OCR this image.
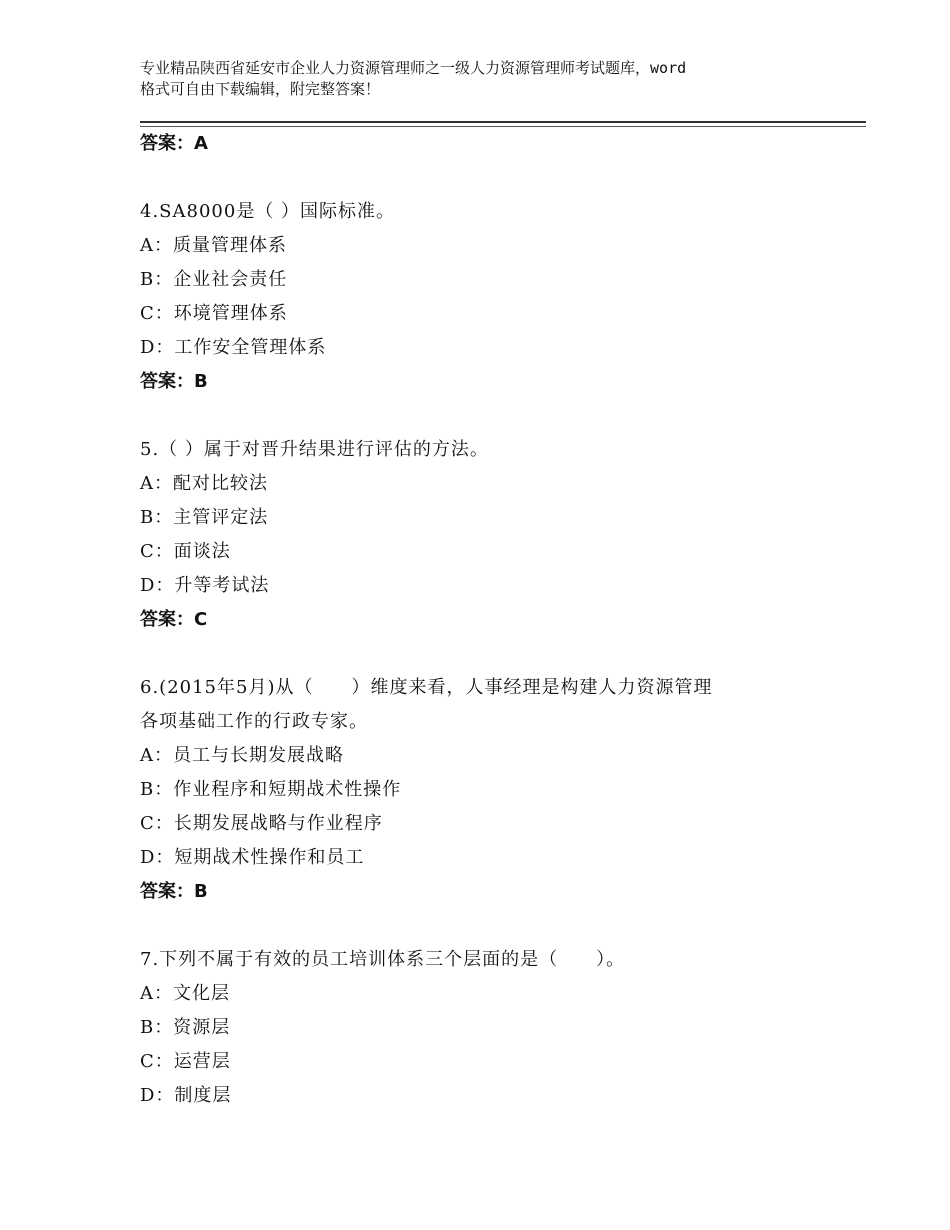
专业精品陕西省延安市企业人力资源管理师之一级人力资源管理师考试题库，word
格式可自由下载编辑，附完整答案！
答案：A
4.SA8000是（ ）国际标准。
A：质量管理体系
B：企业社会责任
C：环境管理体系
D：工作安全管理体系
答案：B
5.（ ）属于对晋升结果进行评估的方法。
A：配对比较法
B：主管评定法
C：面谈法
D：升等考试法
答案：C
6.(2015年5月)从（　　）维度来看，人事经理是构建人力资源管理
各项基础工作的行政专家。
A：员工与长期发展战略
B：作业程序和短期战术性操作
C：长期发展战略与作业程序
D：短期战术性操作和员工
答案：B
7.下列不属于有效的员工培训体系三个层面的是（　　）。
A：文化层
B：资源层
C：运营层
D：制度层
